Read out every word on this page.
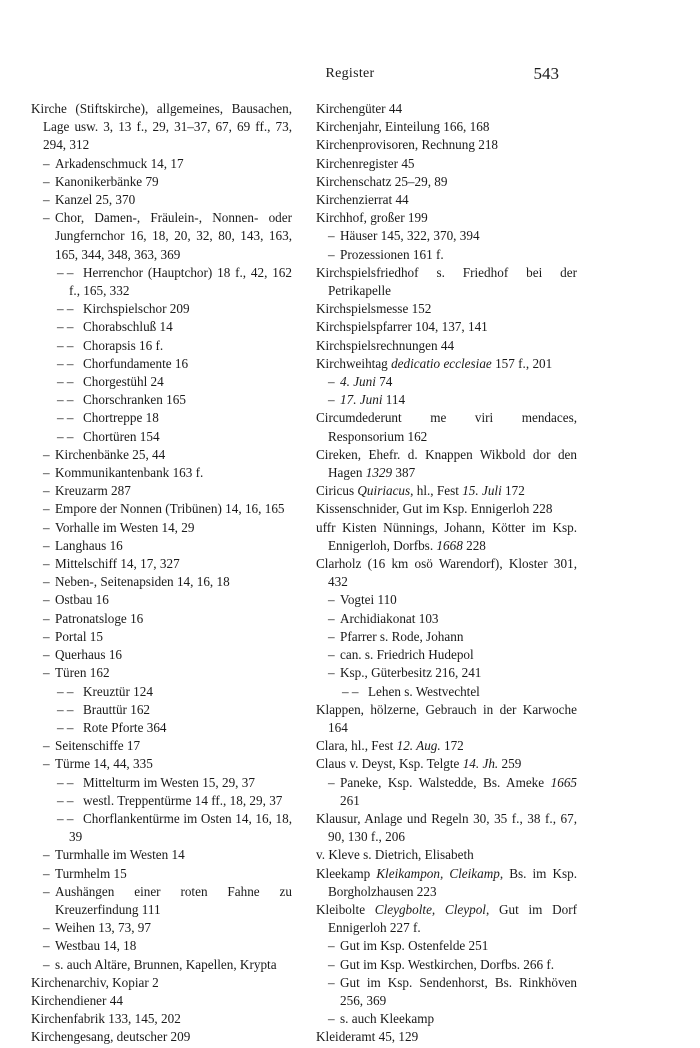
Register	543

Kirche (Stiftskirche), allgemeines, Bausachen, Lage usw. 3, 13 f., 29, 31–37, 67, 69 ff., 73, 294, 312

– Arkadenschmuck 14, 17

– Kanonikerbänke 79

– Kanzel 25, 370

– Chor, Damen-, Fräulein-, Nonnen- oder Jungfernchor 16, 18, 20, 32, 80, 143, 163, 165, 344, 348, 363, 369

– – Herrenchor (Hauptchor) 18 f., 42, 162 f., 165, 332

– – Kirchspielschor 209

– – Chorabschluß 14

– – Chorapsis 16 f.

– – Chorfundamente 16

– – Chorgestühl 24

– – Chorschranken 165

– – Chortreppe 18

– – Chortüren 154

– Kirchenbänke 25, 44

– Kommunikantenbank 163 f.

– Kreuzarm 287

– Empore der Nonnen (Tribünen) 14, 16, 165

– Vorhalle im Westen 14, 29

– Langhaus 16

– Mittelschiff 14, 17, 327

– Neben-, Seitenapsiden 14, 16, 18

– Ostbau 16

– Patronatsloge 16

– Portal 15

– Querhaus 16

– Türen 162

– – Kreuztür 124

– – Brauttür 162

– – Rote Pforte 364

– Seitenschiffe 17

– Türme 14, 44, 335

– – Mittelturm im Westen 15, 29, 37

– – westl. Treppentürme 14 ff., 18, 29, 37

– – Chorflankentürme im Osten 14, 16, 18, 39

– Turmhalle im Westen 14

– Turmhelm 15

– Aushängen einer roten Fahne zu Kreuzerfindung 111

– Weihen 13, 73, 97

– Westbau 14, 18

– s. auch Altäre, Brunnen, Kapellen, Krypta

Kirchenarchiv, Kopiar 2

Kirchendiener 44

Kirchenfabrik 133, 145, 202

Kirchengesang, deutscher 209

Kirchengüter 44

Kirchenjahr, Einteilung 166, 168

Kirchenprovisoren, Rechnung 218

Kirchenregister 45

Kirchenschatz 25–29, 89

Kirchenzierrat 44

Kirchhof, großer 199

– Häuser 145, 322, 370, 394

– Prozessionen 161 f.

Kirchspielsfriedhof s. Friedhof bei der Petrikapelle

Kirchspielsmesse 152

Kirchspielspfarrer 104, 137, 141

Kirchspielsrechnungen 44

Kirchweihtag dedicatio ecclesiae 157 f., 201

– 4. Juni 74

– 17. Juni 114

Circumdederunt me viri mendaces, Responsorium 162

Cireken, Ehefr. d. Knappen Wikbold dor den Hagen 1329 387

Ciricus Quiriacus, hl., Fest 15. Juli 172

Kissenschnider, Gut im Ksp. Ennigerloh 228

uffr Kisten Nünnings, Johann, Kötter im Ksp. Ennigerloh, Dorfbs. 1668 228

Clarholz (16 km osö Warendorf), Kloster 301, 432

– Vogtei 110

– Archidiakonat 103

– Pfarrer s. Rode, Johann

– can. s. Friedrich Hudepol

– Ksp., Güterbesitz 216, 241

– – Lehen s. Westvechtel

Klappen, hölzerne, Gebrauch in der Karwoche 164

Clara, hl., Fest 12. Aug. 172

Claus v. Deyst, Ksp. Telgte 14. Jh. 259

– Paneke, Ksp. Walstedde, Bs. Ameke 1665 261

Klausur, Anlage und Regeln 30, 35 f., 38 f., 67, 90, 130 f., 206

v. Kleve s. Dietrich, Elisabeth

Kleekamp Kleikampon, Cleikamp, Bs. im Ksp. Borgholzhausen 223

Kleibolte Cleygbolte, Cleypol, Gut im Dorf Ennigerloh 227 f.

– Gut im Ksp. Ostenfelde 251

– Gut im Ksp. Westkirchen, Dorfbs. 266 f.

– Gut im Ksp. Sendenhorst, Bs. Rinkhöven 256, 369

– s. auch Kleekamp

Kleideramt 45, 129
